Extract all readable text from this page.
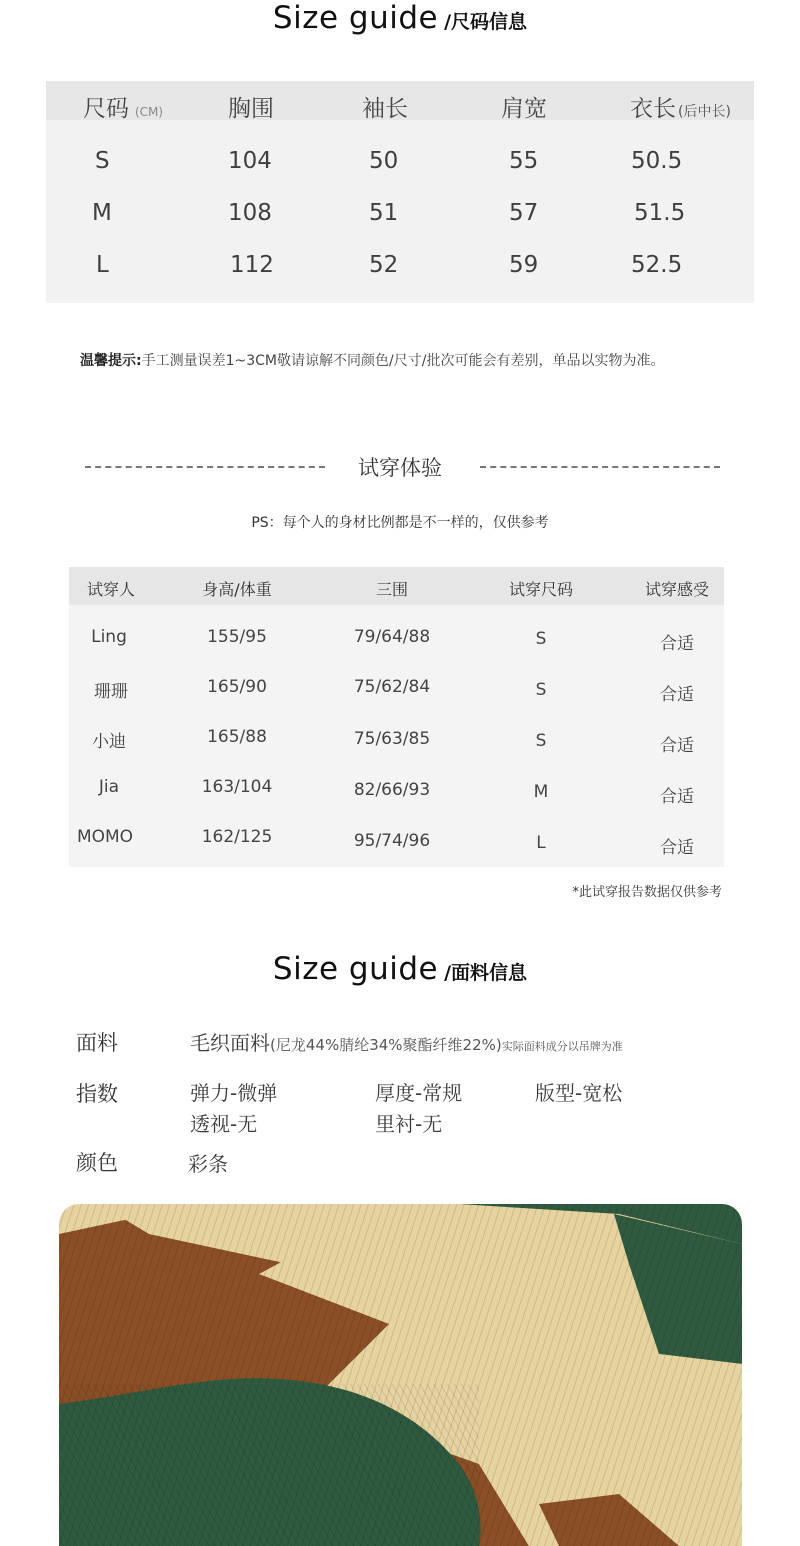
Size guide /尺码信息
尺码 (CM)	胸围	袖长	肩宽	衣长 (后中长)
S	104	50	55	50.5
M	108	51	57	51.5
L	112	52	59	52.5
温馨提示:手工测量误差1~3CM敬请谅解不同颜色/尺寸/批次可能会有差别，单品以实物为准。
试穿体验
PS：每个人的身材比例都是不一样的，仅供参考
试穿人	身高/体重	三围	试穿尺码	试穿感受
Ling	155/95	79/64/88	S	合适
珊珊	165/90	75/62/84	S	合适
小迪	165/88	75/63/85	S	合适
Jia	163/104	82/66/93	M	合适
MOMO	162/125	95/74/96	L	合适
*此试穿报告数据仅供参考
Size guide /面料信息
面料	毛织面料(尼龙44%腈纶34%聚酯纤维22%)实际面料成分以吊牌为准
指数	弹力-微弹	厚度-常规	版型-宽松
透视-无	里衬-无
颜色	彩条
